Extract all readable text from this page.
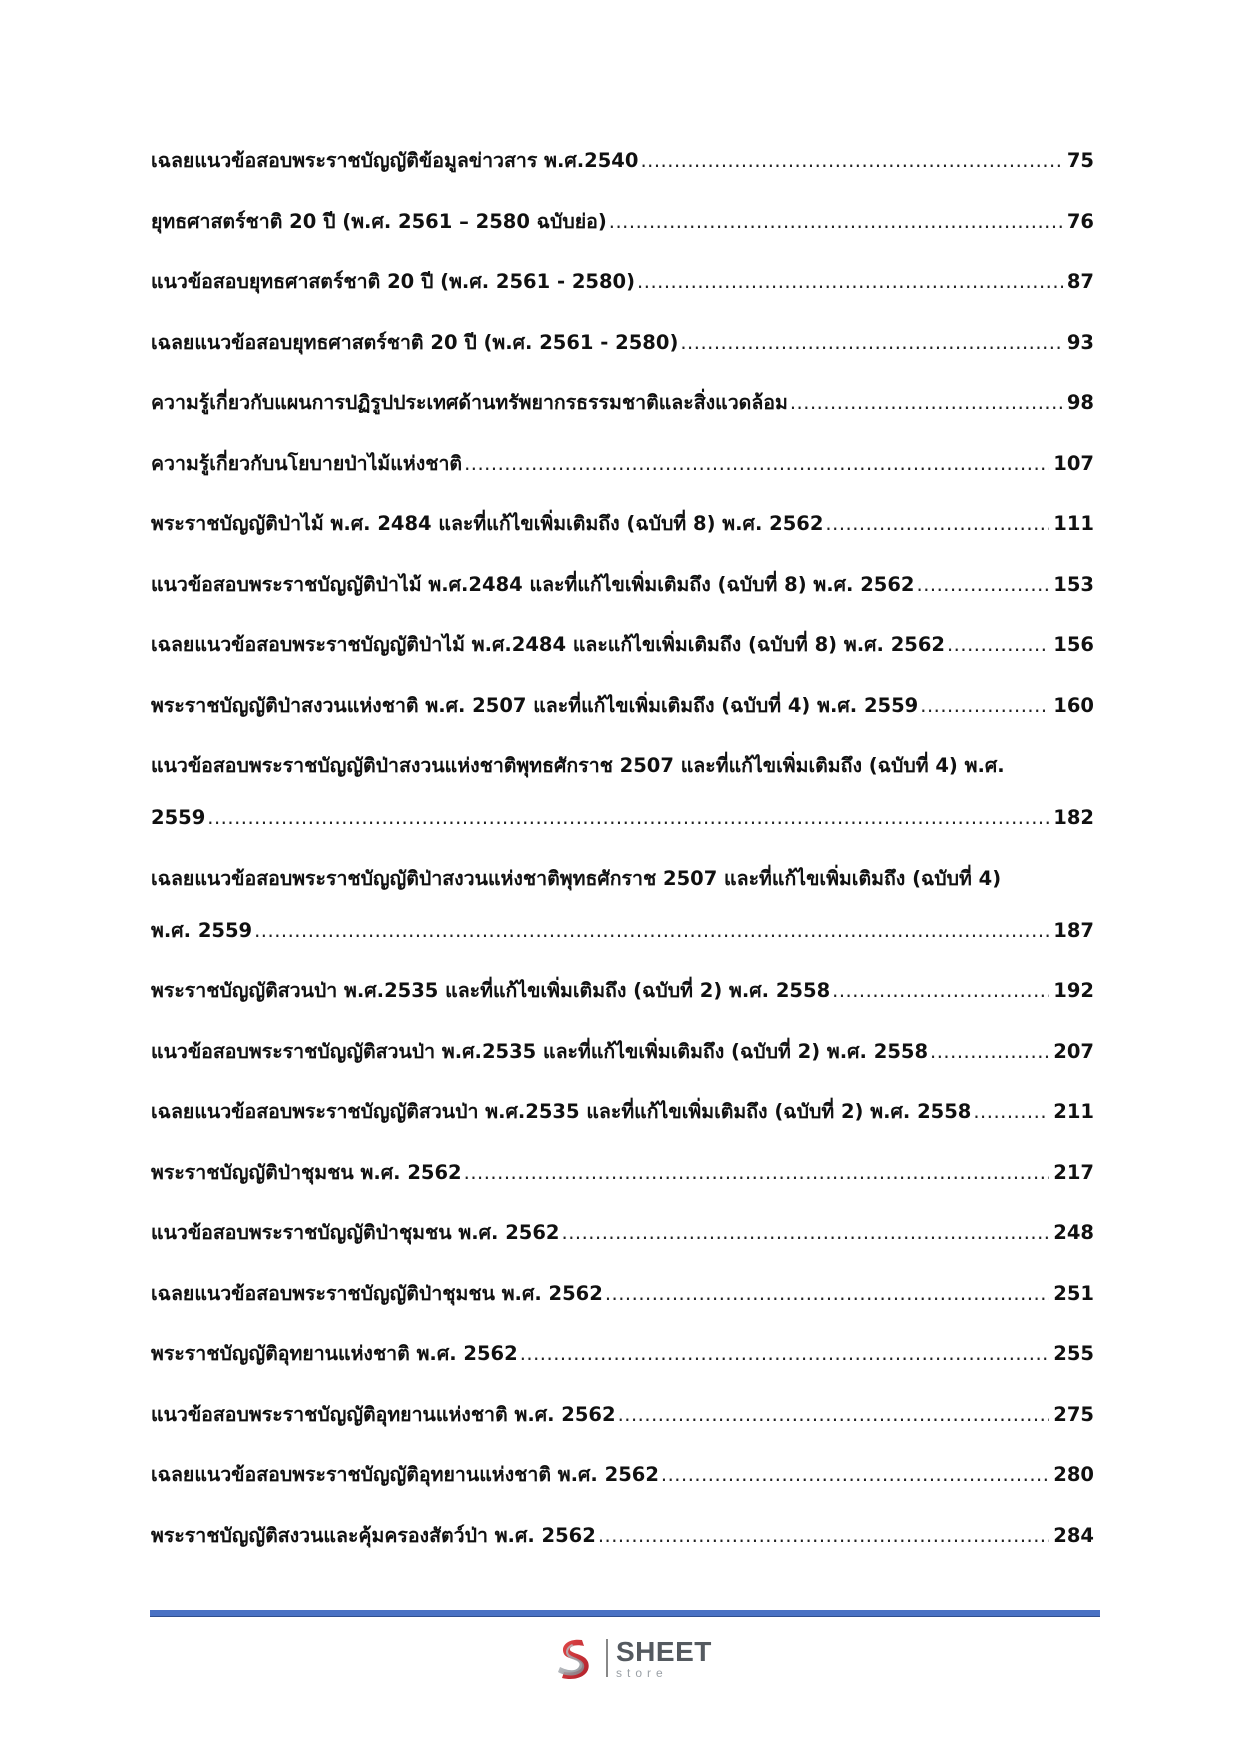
เฉลยแนวข้อสอบพระราชบัญญัติข้อมูลข่าวสาร พ.ศ.2540 .....	75
ยุทธศาสตร์ชาติ 20 ปี (พ.ศ. 2561 – 2580 ฉบับย่อ) .....	76
แนวข้อสอบยุทธศาสตร์ชาติ 20 ปี (พ.ศ. 2561 - 2580) .....	87
เฉลยแนวข้อสอบยุทธศาสตร์ชาติ 20 ปี (พ.ศ. 2561 - 2580) .....	93
ความรู้เกี่ยวกับแผนการปฏิรูปประเทศด้านทรัพยากรธรรมชาติและสิ่งแวดล้อม .....	98
ความรู้เกี่ยวกับนโยบายป่าไม้แห่งชาติ .....	107
พระราชบัญญัติป่าไม้ พ.ศ. 2484 และที่แก้ไขเพิ่มเติมถึง (ฉบับที่ 8) พ.ศ. 2562 .....	111
แนวข้อสอบพระราชบัญญัติป่าไม้ พ.ศ.2484 และที่แก้ไขเพิ่มเติมถึง (ฉบับที่ 8) พ.ศ. 2562 .....	153
เฉลยแนวข้อสอบพระราชบัญญัติป่าไม้ พ.ศ.2484 และแก้ไขเพิ่มเติมถึง (ฉบับที่ 8) พ.ศ. 2562 .....	156
พระราชบัญญัติป่าสงวนแห่งชาติ พ.ศ. 2507 และที่แก้ไขเพิ่มเติมถึง (ฉบับที่ 4) พ.ศ. 2559 .....	160
แนวข้อสอบพระราชบัญญัติป่าสงวนแห่งชาติพุทธศักราช 2507 และที่แก้ไขเพิ่มเติมถึง (ฉบับที่ 4) พ.ศ.
2559 .....	182
เฉลยแนวข้อสอบพระราชบัญญัติป่าสงวนแห่งชาติพุทธศักราช 2507 และที่แก้ไขเพิ่มเติมถึง (ฉบับที่ 4)
พ.ศ. 2559 .....	187
พระราชบัญญัติสวนป่า พ.ศ.2535 และที่แก้ไขเพิ่มเติมถึง (ฉบับที่ 2) พ.ศ. 2558 .....	192
แนวข้อสอบพระราชบัญญัติสวนป่า พ.ศ.2535 และที่แก้ไขเพิ่มเติมถึง (ฉบับที่ 2) พ.ศ. 2558 .....	207
เฉลยแนวข้อสอบพระราชบัญญัติสวนป่า พ.ศ.2535 และที่แก้ไขเพิ่มเติมถึง (ฉบับที่ 2) พ.ศ. 2558 .....	211
พระราชบัญญัติป่าชุมชน พ.ศ. 2562 .....	217
แนวข้อสอบพระราชบัญญัติป่าชุมชน พ.ศ. 2562 .....	248
เฉลยแนวข้อสอบพระราชบัญญัติป่าชุมชน พ.ศ. 2562 .....	251
พระราชบัญญัติอุทยานแห่งชาติ พ.ศ. 2562 .....	255
แนวข้อสอบพระราชบัญญัติอุทยานแห่งชาติ พ.ศ. 2562 .....	275
เฉลยแนวข้อสอบพระราชบัญญัติอุทยานแห่งชาติ พ.ศ. 2562 .....	280
พระราชบัญญัติสงวนและคุ้มครองสัตว์ป่า พ.ศ. 2562 .....	284
SHEET
store
